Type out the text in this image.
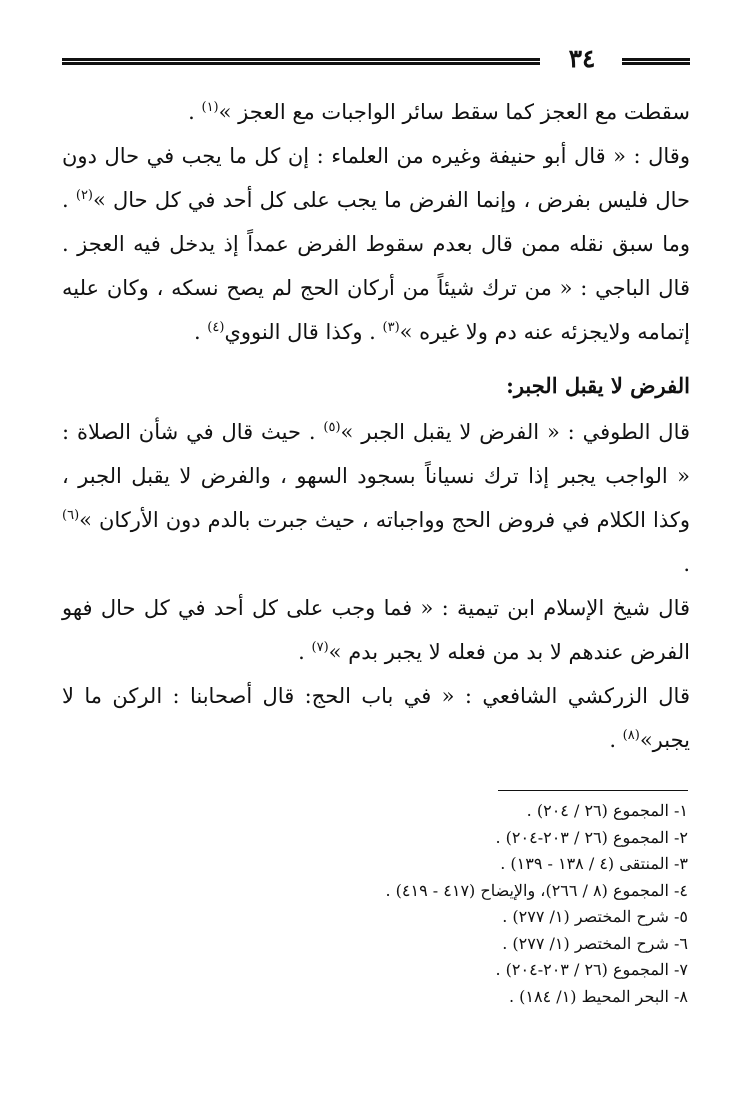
٣٤

سقطت مع العجز كما سقط سائر الواجبات مع العجز »$^{(١)}$ .

وقال : « قال أبو حنيفة وغيره من العلماء : إن كل ما يجب في حال دون حال فليس بفرض ، وإنما الفرض ما يجب على كل أحد في كل حال »$^{(٢)}$ . وما سبق نقله ممن قال بعدم سقوط الفرض عمداً إذ يدخل فيه العجز . قال الباجي : « من ترك شيئاً من أركان الحج لم يصح نسكه ، وكان عليه إتمامه ولايجزئه عنه دم ولا غيره »$^{(٣)}$ . وكذا قال النووي$^{(٤)}$ .

الفرض لا يقبل الجبر:

قال الطوفي : « الفرض لا يقبل الجبر »$^{(٥)}$ . حيث قال في شأن الصلاة : « الواجب يجبر إذا ترك نسياناً بسجود السهو ، والفرض لا يقبل الجبر ، وكذا الكلام في فروض الحج وواجباته ، حيث جبرت بالدم دون الأركان »$^{(٦)}$ .

قال شيخ الإسلام ابن تيمية : « فما وجب على كل أحد في كل حال فهو الفرض عندهم لا بد من فعله لا يجبر بدم »$^{(٧)}$ .

قال الزركشي الشافعي : « في باب الحج: قال أصحابنا : الركن ما لا يجبر»$^{(٨)}$ .

١- المجموع (٢٦ / ٢٠٤) .
٢- المجموع (٢٦ / ٢٠٣-٢٠٤) .
٣- المنتقى (٤ / ١٣٨ - ١٣٩) .
٤- المجموع (٨ / ٢٦٦)، والإيضاح (٤١٧ - ٤١٩) .
٥- شرح المختصر (١/ ٢٧٧) .
٦- شرح المختصر (١/ ٢٧٧) .
٧- المجموع (٢٦ / ٢٠٣-٢٠٤) .
٨- البحر المحيط (١/ ١٨٤) .
